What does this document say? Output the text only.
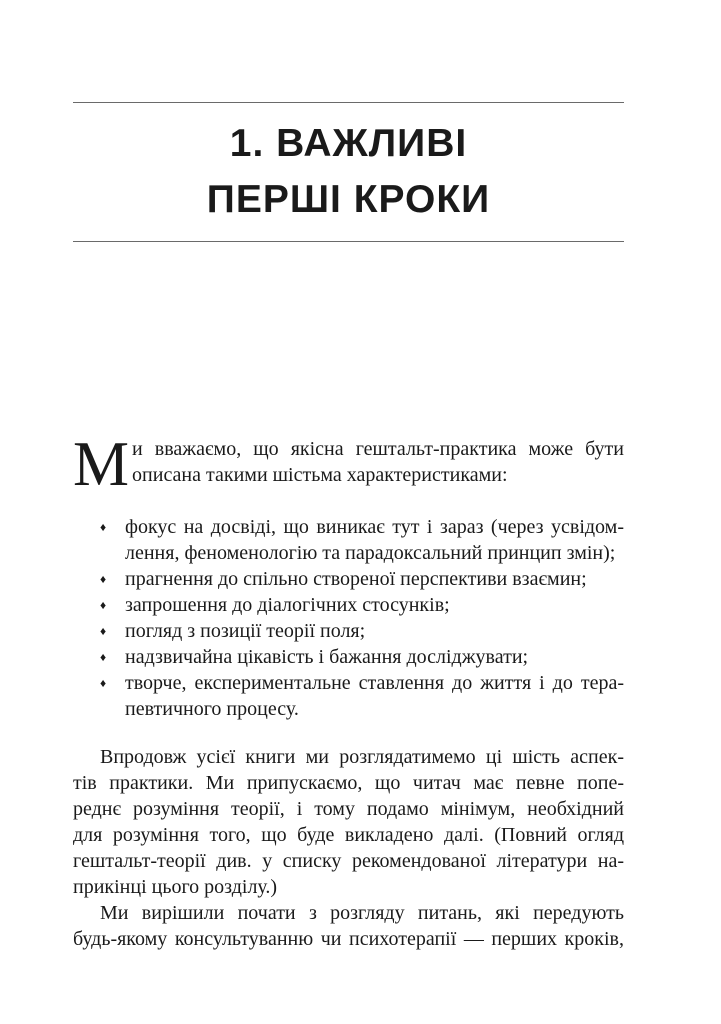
1. ВАЖЛИВІ
ПЕРШІ КРОКИ
М и вважаємо, що якісна гештальт-практика може бути
описана такими шістьма характеристиками:
♦ фокус на досвіді, що виникає тут і зараз (через усвідом-
лення, феноменологію та парадоксальний принцип змін);
♦ прагнення до спільно створеної перспективи взаємин;
♦ запрошення до діалогічних стосунків;
♦ погляд з позиції теорії поля;
♦ надзвичайна цікавість і бажання досліджувати;
♦ творче, експериментальне ставлення до життя і до тера-
певтичного процесу.
Впродовж усієї книги ми розглядатимемо ці шість аспек-
тів практики. Ми припускаємо, що читач має певне попе-
реднє розуміння теорії, і тому подамо мінімум, необхідний
для розуміння того, що буде викладено далі. (Повний огляд
гештальт-теорії див. у списку рекомендованої літератури на-
прикінці цього розділу.)
Ми вирішили почати з розгляду питань, які передують
будь-якому консультуванню чи психотерапії — перших кроків,
